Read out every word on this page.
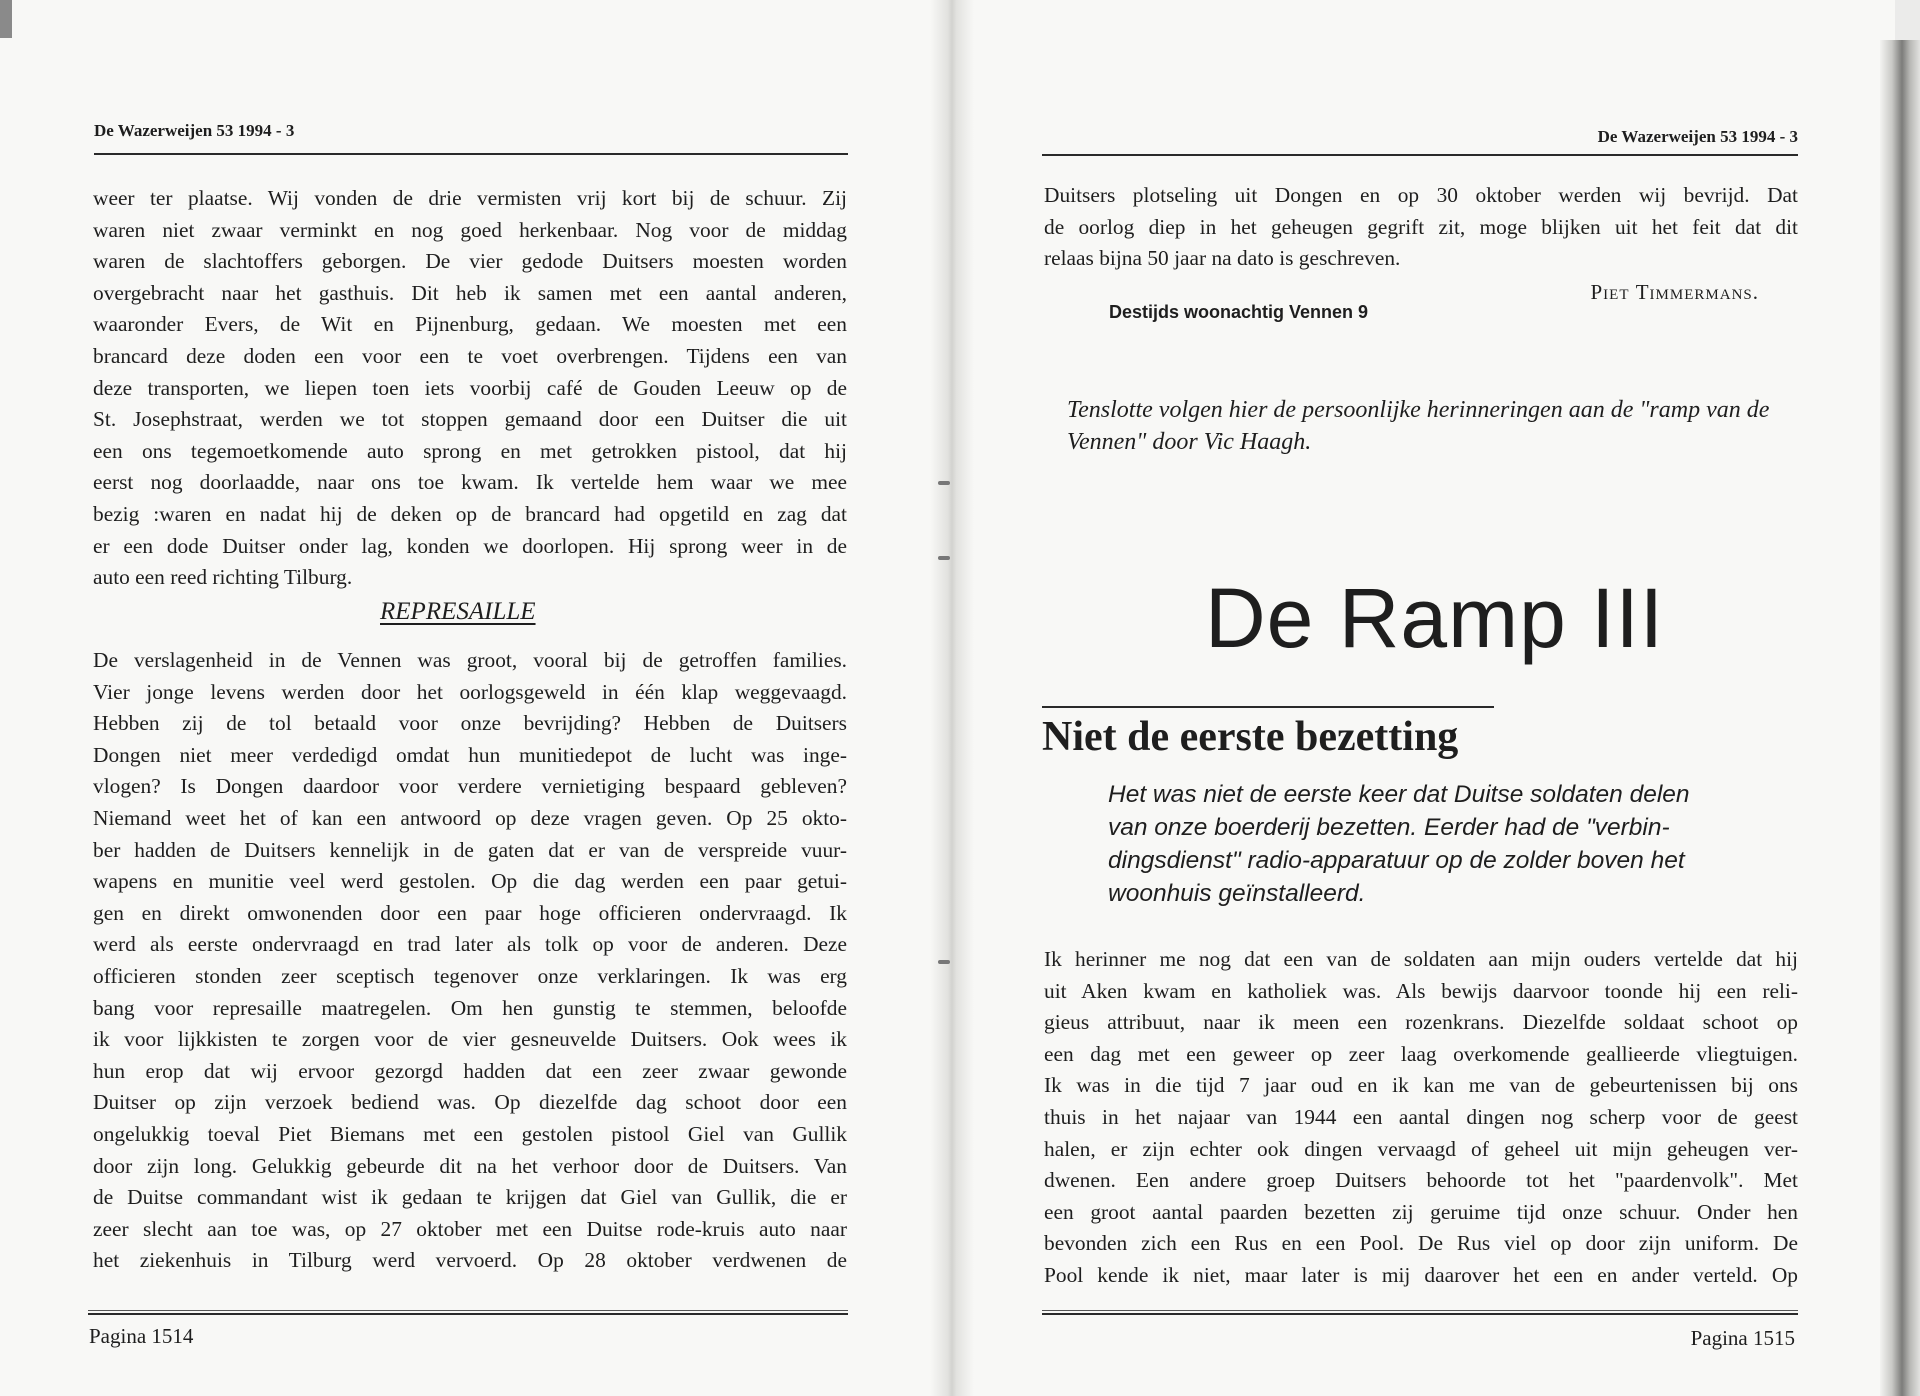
De Wazerweijen 53 1994 - 3
weer ter plaatse. Wij vonden de drie vermisten vrij kort bij de schuur. Zij
waren niet zwaar verminkt en nog goed herkenbaar. Nog voor de middag
waren de slachtoffers geborgen. De vier gedode Duitsers moesten worden
overgebracht naar het gasthuis. Dit heb ik samen met een aantal anderen,
waaronder Evers, de Wit en Pijnenburg, gedaan. We moesten met een
brancard deze doden een voor een te voet overbrengen. Tijdens een van
deze transporten, we liepen toen iets voorbij café de Gouden Leeuw op de
St. Josephstraat, werden we tot stoppen gemaand door een Duitser die uit
een ons tegemoetkomende auto sprong en met getrokken pistool, dat hij
eerst nog doorlaadde, naar ons toe kwam. Ik vertelde hem waar we mee
bezig :waren en nadat hij de deken op de brancard had opgetild en zag dat
er een dode Duitser onder lag, konden we doorlopen. Hij sprong weer in de
auto een reed richting Tilburg.
REPRESAILLE
De verslagenheid in de Vennen was groot, vooral bij de getroffen families.
Vier jonge levens werden door het oorlogsgeweld in één klap weggevaagd.
Hebben zij de tol betaald voor onze bevrijding? Hebben de Duitsers
Dongen niet meer verdedigd omdat hun munitiedepot de lucht was inge-
vlogen? Is Dongen daardoor voor verdere vernietiging bespaard gebleven?
Niemand weet het of kan een antwoord op deze vragen geven. Op 25 okto-
ber hadden de Duitsers kennelijk in de gaten dat er van de verspreide vuur-
wapens en munitie veel werd gestolen. Op die dag werden een paar getui-
gen en direkt omwonenden door een paar hoge officieren ondervraagd. Ik
werd als eerste ondervraagd en trad later als tolk op voor de anderen. Deze
officieren stonden zeer sceptisch tegenover onze verklaringen. Ik was erg
bang voor represaille maatregelen. Om hen gunstig te stemmen, beloofde
ik voor lijkkisten te zorgen voor de vier gesneuvelde Duitsers. Ook wees ik
hun erop dat wij ervoor gezorgd hadden dat een zeer zwaar gewonde
Duitser op zijn verzoek bediend was. Op diezelfde dag schoot door een
ongelukkig toeval Piet Biemans met een gestolen pistool Giel van Gullik
door zijn long. Gelukkig gebeurde dit na het verhoor door de Duitsers. Van
de Duitse commandant wist ik gedaan te krijgen dat Giel van Gullik, die er
zeer slecht aan toe was, op 27 oktober met een Duitse rode-kruis auto naar
het ziekenhuis in Tilburg werd vervoerd. Op 28 oktober verdwenen de
Pagina 1514
De Wazerweijen 53 1994 - 3
Duitsers plotseling uit Dongen en op 30 oktober werden wij bevrijd. Dat
de oorlog diep in het geheugen gegrift zit, moge blijken uit het feit dat dit
relaas bijna 50 jaar na dato is geschreven.
Piet Timmermans.
Destijds woonachtig Vennen 9
Tenslotte volgen hier de persoonlijke herinneringen aan de "ramp van de Vennen" door Vic Haagh.
De Ramp III
Niet de eerste bezetting
Het was niet de eerste keer dat Duitse soldaten delen
van onze boerderij bezetten. Eerder had de "verbin-
dingsdienst" radio-apparatuur op de zolder boven het
woonhuis geïnstalleerd.
Ik herinner me nog dat een van de soldaten aan mijn ouders vertelde dat hij
uit Aken kwam en katholiek was. Als bewijs daarvoor toonde hij een reli-
gieus attribuut, naar ik meen een rozenkrans. Diezelfde soldaat schoot op
een dag met een geweer op zeer laag overkomende geallieerde vliegtuigen.
Ik was in die tijd 7 jaar oud en ik kan me van de gebeurtenissen bij ons
thuis in het najaar van 1944 een aantal dingen nog scherp voor de geest
halen, er zijn echter ook dingen vervaagd of geheel uit mijn geheugen ver-
dwenen. Een andere groep Duitsers behoorde tot het "paardenvolk". Met
een groot aantal paarden bezetten zij geruime tijd onze schuur. Onder hen
bevonden zich een Rus en een Pool. De Rus viel op door zijn uniform. De
Pool kende ik niet, maar later is mij daarover het een en ander verteld. Op
Pagina 1515
